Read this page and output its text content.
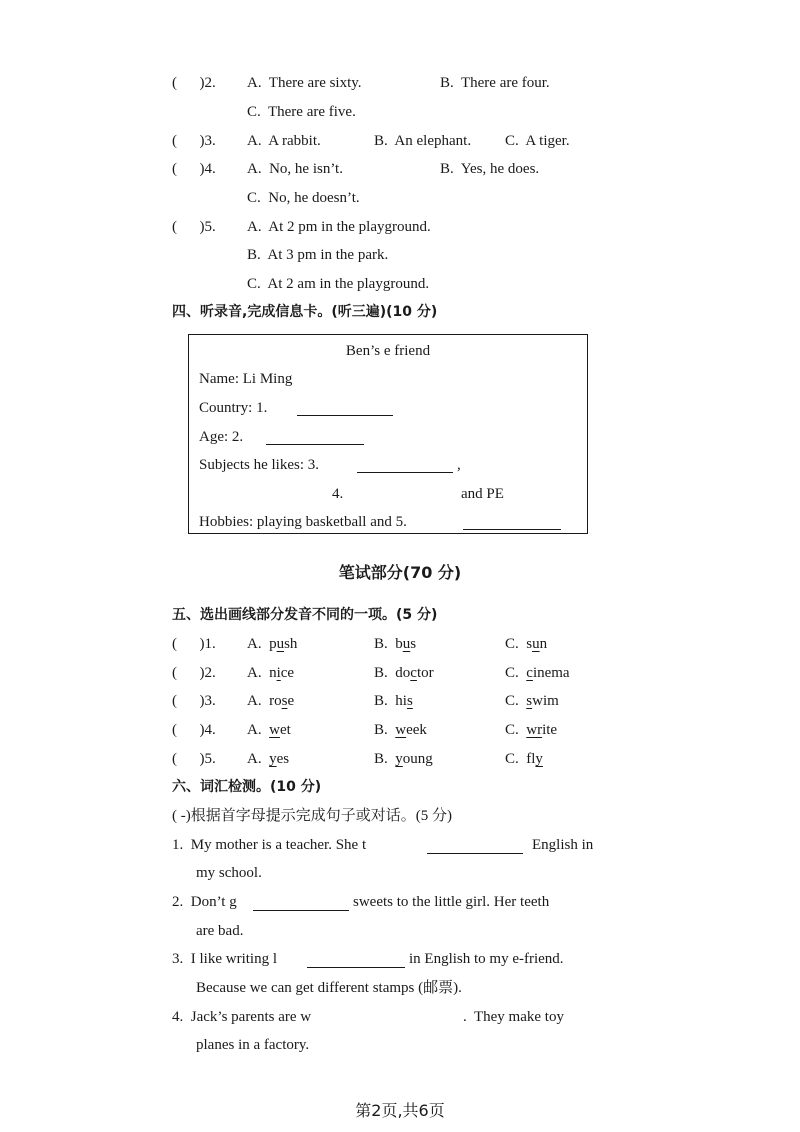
(      )2. A.  There are sixty.	B.  There are four.
C.  There are five.
(      )3. A.  A rabbit.	B.  An elephant. C.  A tiger.
(      )4. A.  No, he isn’t.	B.  Yes, he does.
C.  No, he doesn’t.
(      )5. A.  At 2 pm in the playground.
B.  At 3 pm in the park.
C.  At 2 am in the playground.
四、听录音,完成信息卡。(听三遍)(10 分)
Ben’s e friend
Name: Li Ming
Country: 1.
Age: 2.
Subjects he likes: 3.	,
4.	and PE
Hobbies: playing basketball and 5.
笔试部分(70 分)
五、选出画线部分发音不同的一项。(5 分)
(      )1. A.  push	B.  bus	C.  sun
(      )2. A.  nice	B.  doctor	C.  cinema
(      )3. A.  rose	B.  his	C.  swim
(      )4. A.  wet	B.  week	C.  write
(      )5. A.  yes	B.  young	C.  fly
六、词汇检测。(10 分)
( -)根据首字母提示完成句子或对话。(5 分)
1.  My mother is a teacher. She t	English in
my school.
2.  Don’t g	sweets to the little girl. Her teeth
are bad.
3.  I like writing l	in English to my e-friend.
Because we can get different stamps (邮票).
4.  Jack’s parents are w	.  They make toy
planes in a factory.
第2页,共6页
